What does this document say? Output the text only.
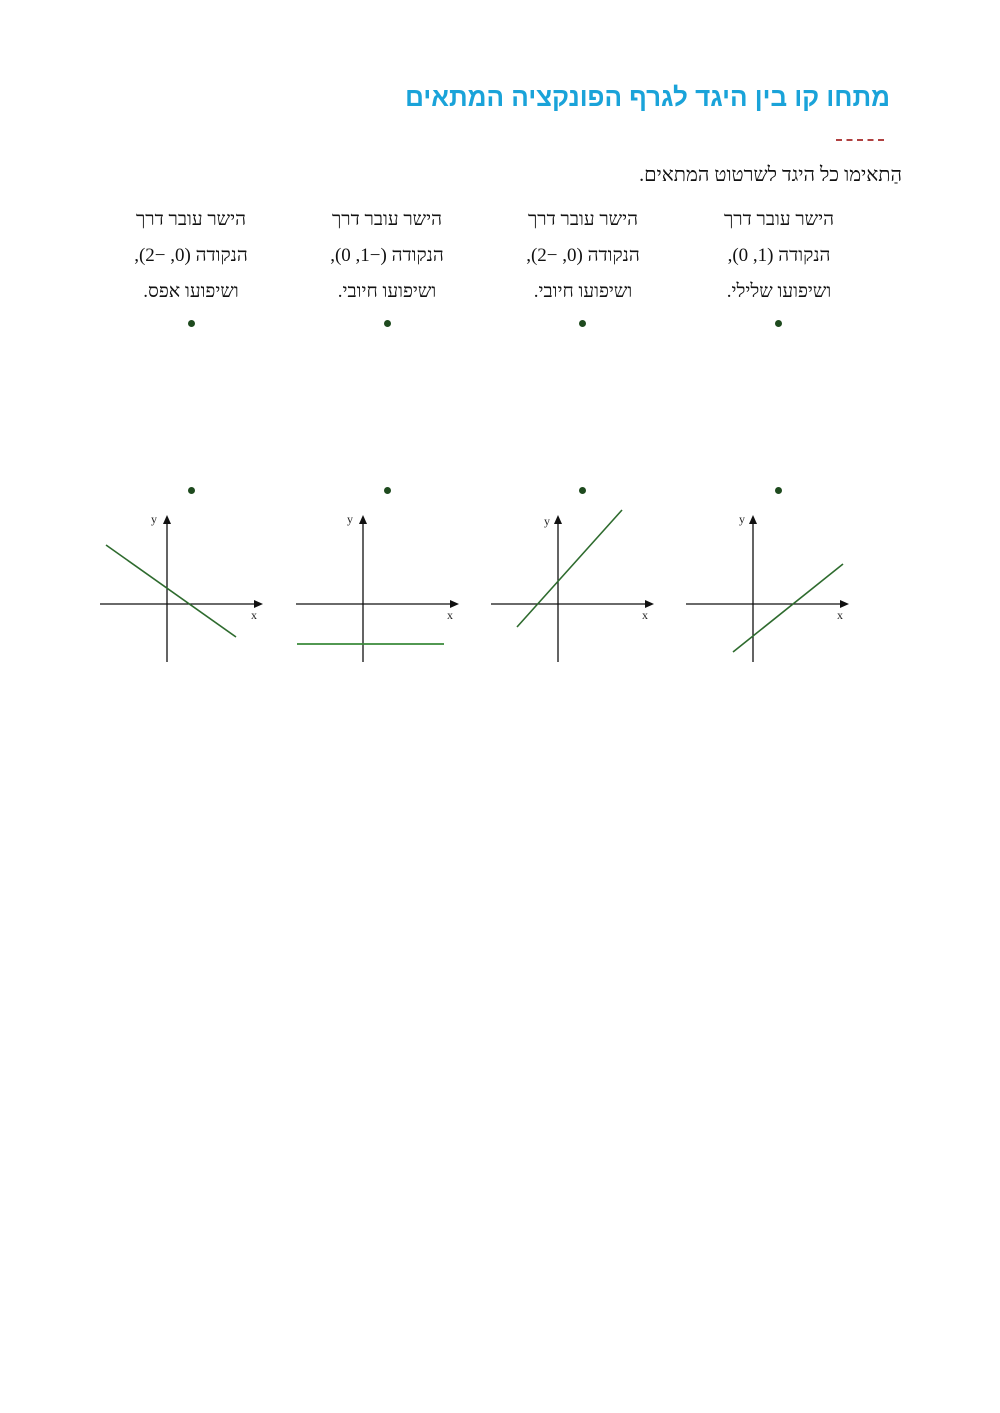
מתחו קו בין היגד לגרף הפונקציה המתאים
הַתאימו כל היגד לשרטוט המתאים.
הישר עובר דרך
הנקודה (1, 0),
ושיפועו שלילי.
הישר עובר דרך
הנקודה (0, −2),
ושיפועו חיובי.
הישר עובר דרך
הנקודה (−1, 0),
ושיפועו חיובי.
הישר עובר דרך
הנקודה (0, −2),
ושיפועו אפס.
y
x
y
x
y
x
y
x
